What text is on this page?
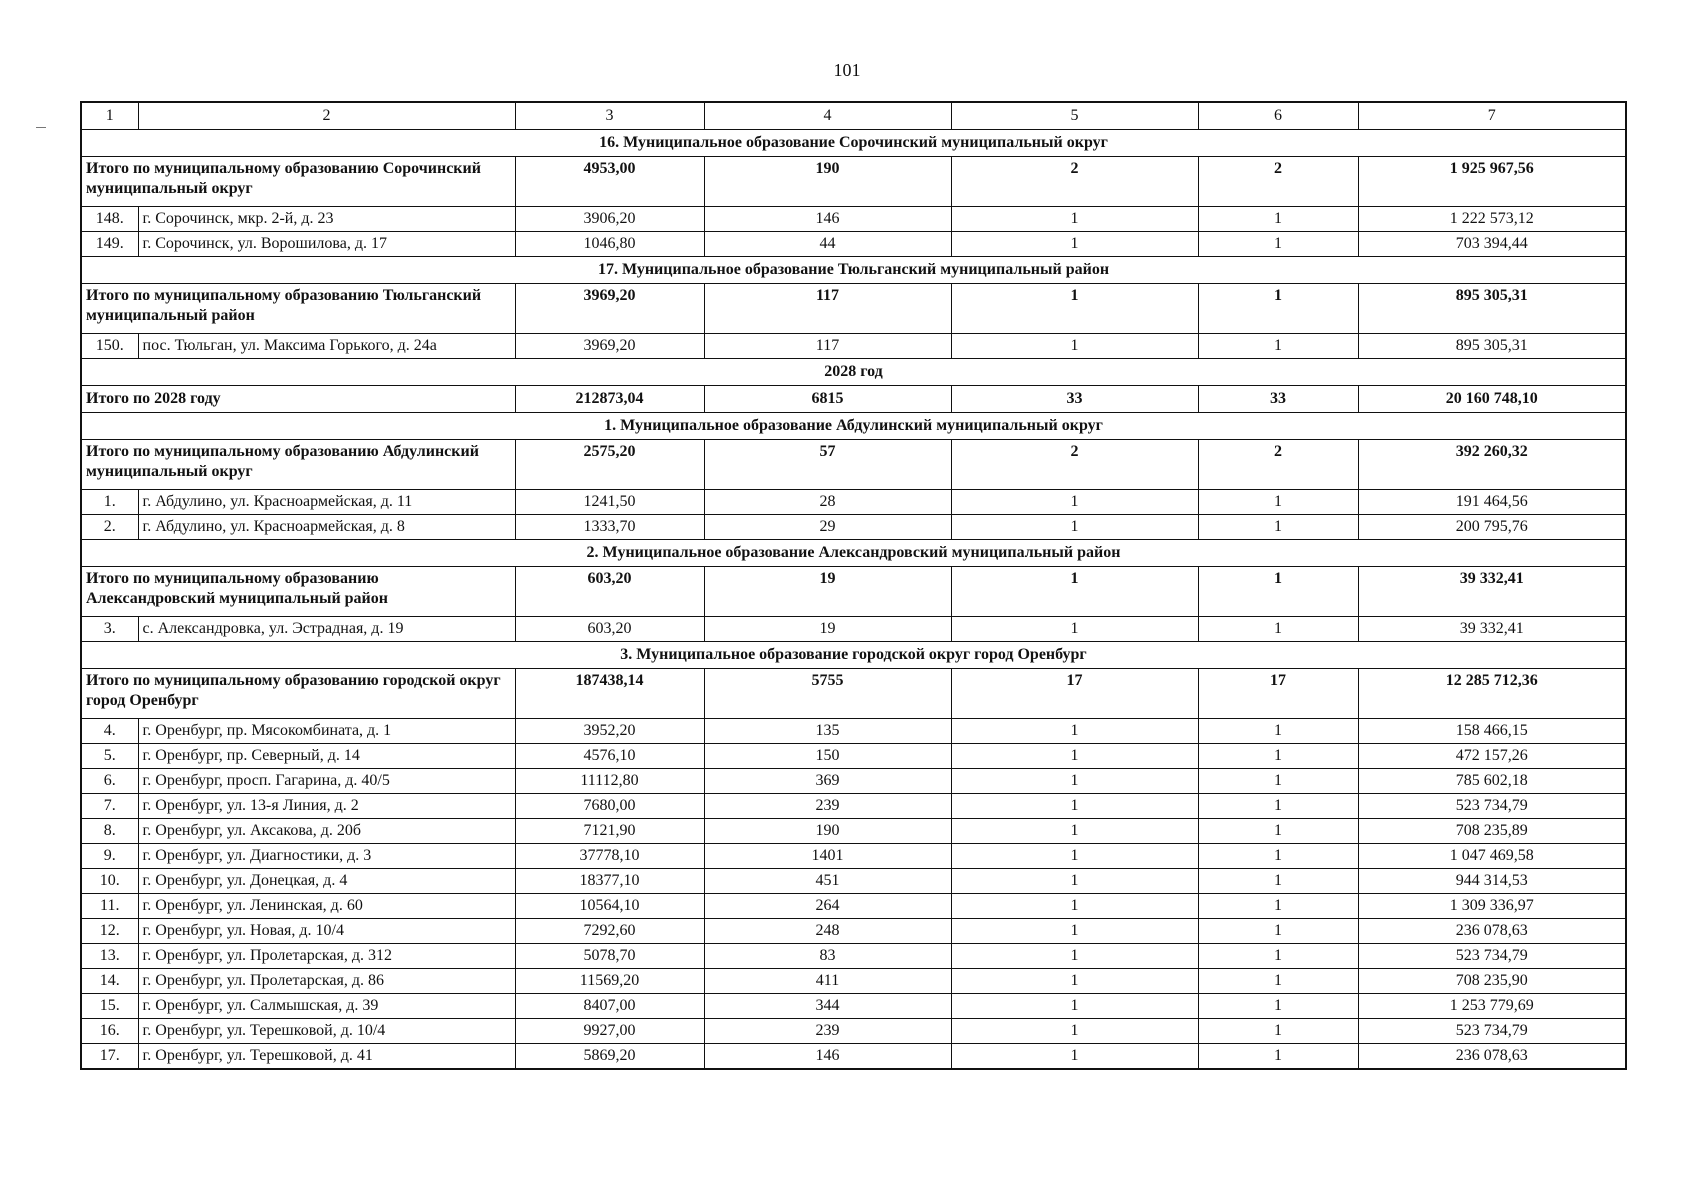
101
1	2	3	4	5	6	7
16. Муниципальное образование Сорочинский муниципальный округ						
Итого по муниципальному образованию Сорочинский муниципальный округ		4953,00	190	2	2	1 925 967,56
148.	г. Сорочинск, мкр. 2-й, д. 23	3906,20	146	1	1	1 222 573,12
149.	г. Сорочинск, ул. Ворошилова, д. 17	1046,80	44	1	1	703 394,44
17. Муниципальное образование Тюльганский муниципальный район						
Итого по муниципальному образованию Тюльганский муниципальный район		3969,20	117	1	1	895 305,31
150.	пос. Тюльган, ул. Максима Горького, д. 24а	3969,20	117	1	1	895 305,31
2028 год						
Итого по 2028 году		212873,04	6815	33	33	20 160 748,10
1. Муниципальное образование Абдулинский муниципальный округ						
Итого по муниципальному образованию Абдулинский муниципальный округ		2575,20	57	2	2	392 260,32
1.	г. Абдулино, ул. Красноармейская, д. 11	1241,50	28	1	1	191 464,56
2.	г. Абдулино, ул. Красноармейская, д. 8	1333,70	29	1	1	200 795,76
2. Муниципальное образование Александровский муниципальный район						
Итого по муниципальному образованию Александровский муниципальный район		603,20	19	1	1	39 332,41
3.	с. Александровка, ул. Эстрадная, д. 19	603,20	19	1	1	39 332,41
3. Муниципальное образование городской округ город Оренбург						
Итого по муниципальному образованию городской округ город Оренбург		187438,14	5755	17	17	12 285 712,36
4.	г. Оренбург, пр. Мясокомбината, д. 1	3952,20	135	1	1	158 466,15
5.	г. Оренбург, пр. Северный, д. 14	4576,10	150	1	1	472 157,26
6.	г. Оренбург, просп. Гагарина, д. 40/5	11112,80	369	1	1	785 602,18
7.	г. Оренбург, ул. 13-я Линия, д. 2	7680,00	239	1	1	523 734,79
8.	г. Оренбург, ул. Аксакова, д. 20б	7121,90	190	1	1	708 235,89
9.	г. Оренбург, ул. Диагностики, д. 3	37778,10	1401	1	1	1 047 469,58
10.	г. Оренбург, ул. Донецкая, д. 4	18377,10	451	1	1	944 314,53
11.	г. Оренбург, ул. Ленинская, д. 60	10564,10	264	1	1	1 309 336,97
12.	г. Оренбург, ул. Новая, д. 10/4	7292,60	248	1	1	236 078,63
13.	г. Оренбург, ул. Пролетарская, д. 312	5078,70	83	1	1	523 734,79
14.	г. Оренбург, ул. Пролетарская, д. 86	11569,20	411	1	1	708 235,90
15.	г. Оренбург, ул. Салмышская, д. 39	8407,00	344	1	1	1 253 779,69
16.	г. Оренбург, ул. Терешковой, д. 10/4	9927,00	239	1	1	523 734,79
17.	г. Оренбург, ул. Терешковой, д. 41	5869,20	146	1	1	236 078,63
